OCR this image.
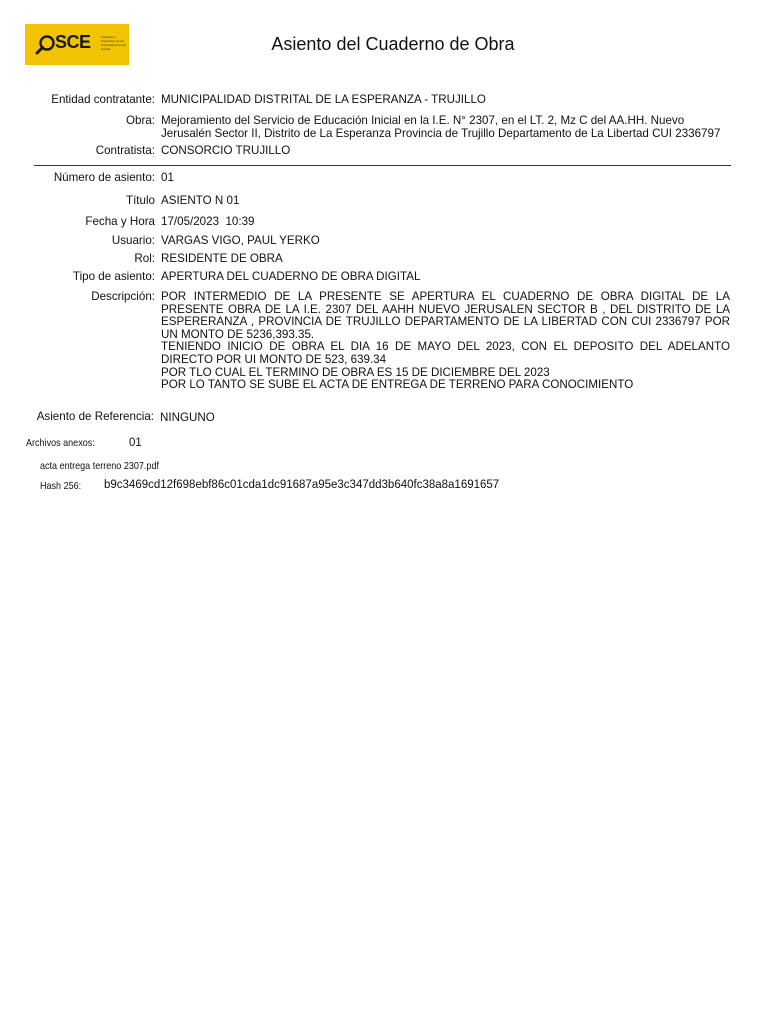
SCE	Organismo Supervisor de las Contrataciones del Estado	Asiento del Cuaderno de Obra
Entidad contratante: MUNICIPALIDAD DISTRITAL DE LA ESPERANZA - TRUJILLO
Obra: Mejoramiento del Servicio de Educación Inicial en la I.E. N° 2307, en el LT. 2, Mz C del AA.HH. Nuevo Jerusalén Sector II, Distrito de La Esperanza Provincia de Trujillo Departamento de La Libertad CUI 2336797
Contratista: CONSORCIO TRUJILLO
Número de asiento: 01
Título ASIENTO N 01
Fecha y Hora 17/05/2023  10:39
Usuario: VARGAS VIGO, PAUL YERKO
Rol: RESIDENTE DE OBRA
Tipo de asiento: APERTURA DEL CUADERNO DE OBRA DIGITAL
Descripción: POR INTERMEDIO DE LA PRESENTE SE APERTURA EL CUADERNO DE OBRA DIGITAL DE LA PRESENTE OBRA DE LA I.E. 2307 DEL AAHH NUEVO JERUSALEN SECTOR B , DEL DISTRITO DE LA ESPERERANZA , PROVINCIA DE TRUJILLO DEPARTAMENTO DE LA LIBERTAD CON CUI 2336797 POR UN MONTO DE 5236,393.35.
TENIENDO INICIO DE OBRA EL DIA 16 DE MAYO DEL 2023, CON EL DEPOSITO DEL ADELANTO DIRECTO POR UI MONTO DE 523, 639.34
POR TLO CUAL EL TERMINO DE OBRA ES 15 DE DICIEMBRE DEL 2023
POR LO TANTO SE SUBE EL ACTA DE ENTREGA DE TERRENO PARA CONOCIMIENTO
Asiento de Referencia: NINGUNO
Archivos anexos:	01
acta entrega terreno 2307.pdf
Hash 256: b9c3469cd12f698ebf86c01cda1dc91687a95e3c347dd3b640fc38a8a1691657
